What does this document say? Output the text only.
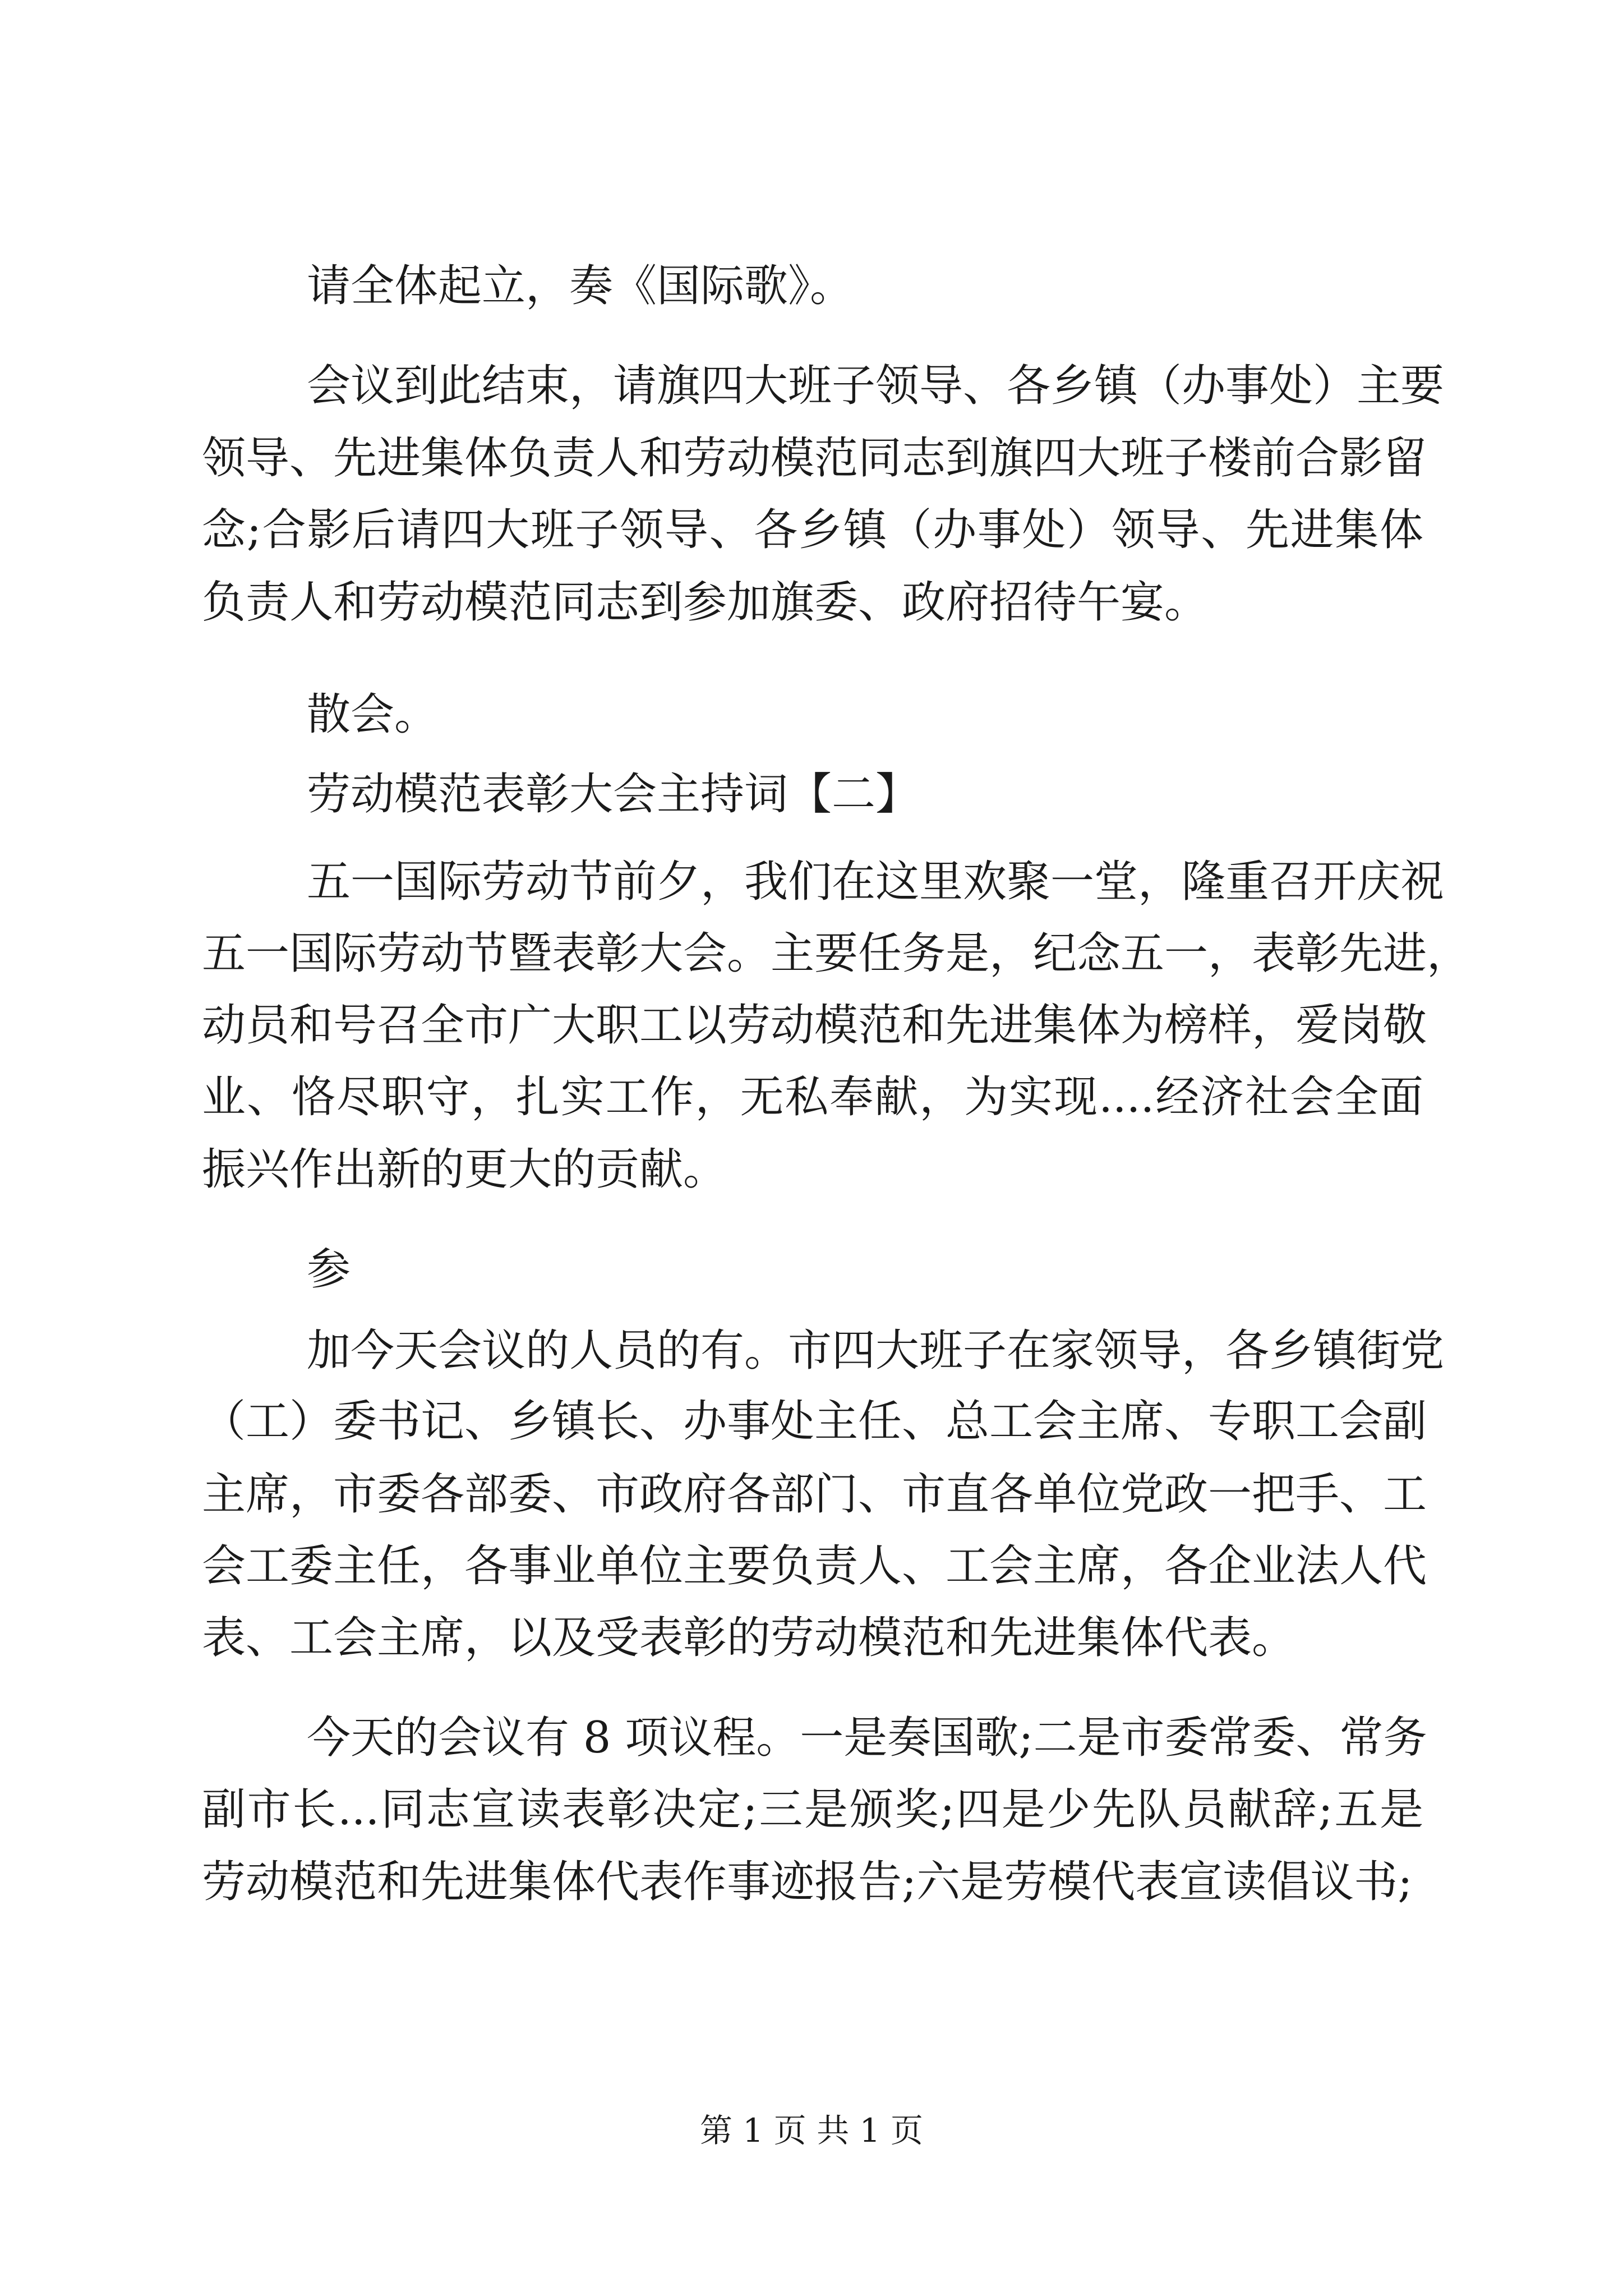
请全体起立，奏《国际歌》。
会议到此结束，请旗四大班子领导、各乡镇（办事处）主要
领导、先进集体负责人和劳动模范同志到旗四大班子楼前合影留
念;合影后请四大班子领导、各乡镇（办事处）领导、先进集体
负责人和劳动模范同志到参加旗委、政府招待午宴。
散会。
劳动模范表彰大会主持词【二】
五一国际劳动节前夕，我们在这里欢聚一堂，隆重召开庆祝
五一国际劳动节暨表彰大会。主要任务是，纪念五一，表彰先进，
动员和号召全市广大职工以劳动模范和先进集体为榜样，爱岗敬
业、恪尽职守，扎实工作，无私奉献，为实现....经济社会全面
振兴作出新的更大的贡献。
参
加今天会议的人员的有。市四大班子在家领导，各乡镇街党
（工）委书记、乡镇长、办事处主任、总工会主席、专职工会副
主席，市委各部委、市政府各部门、市直各单位党政一把手、工
会工委主任，各事业单位主要负责人、工会主席，各企业法人代
表、工会主席，以及受表彰的劳动模范和先进集体代表。
今天的会议有 8 项议程。一是奏国歌;二是市委常委、常务
副市长...同志宣读表彰决定;三是颁奖;四是少先队员献辞;五是
劳动模范和先进集体代表作事迹报告;六是劳模代表宣读倡议书;
第 1 页 共 1 页
